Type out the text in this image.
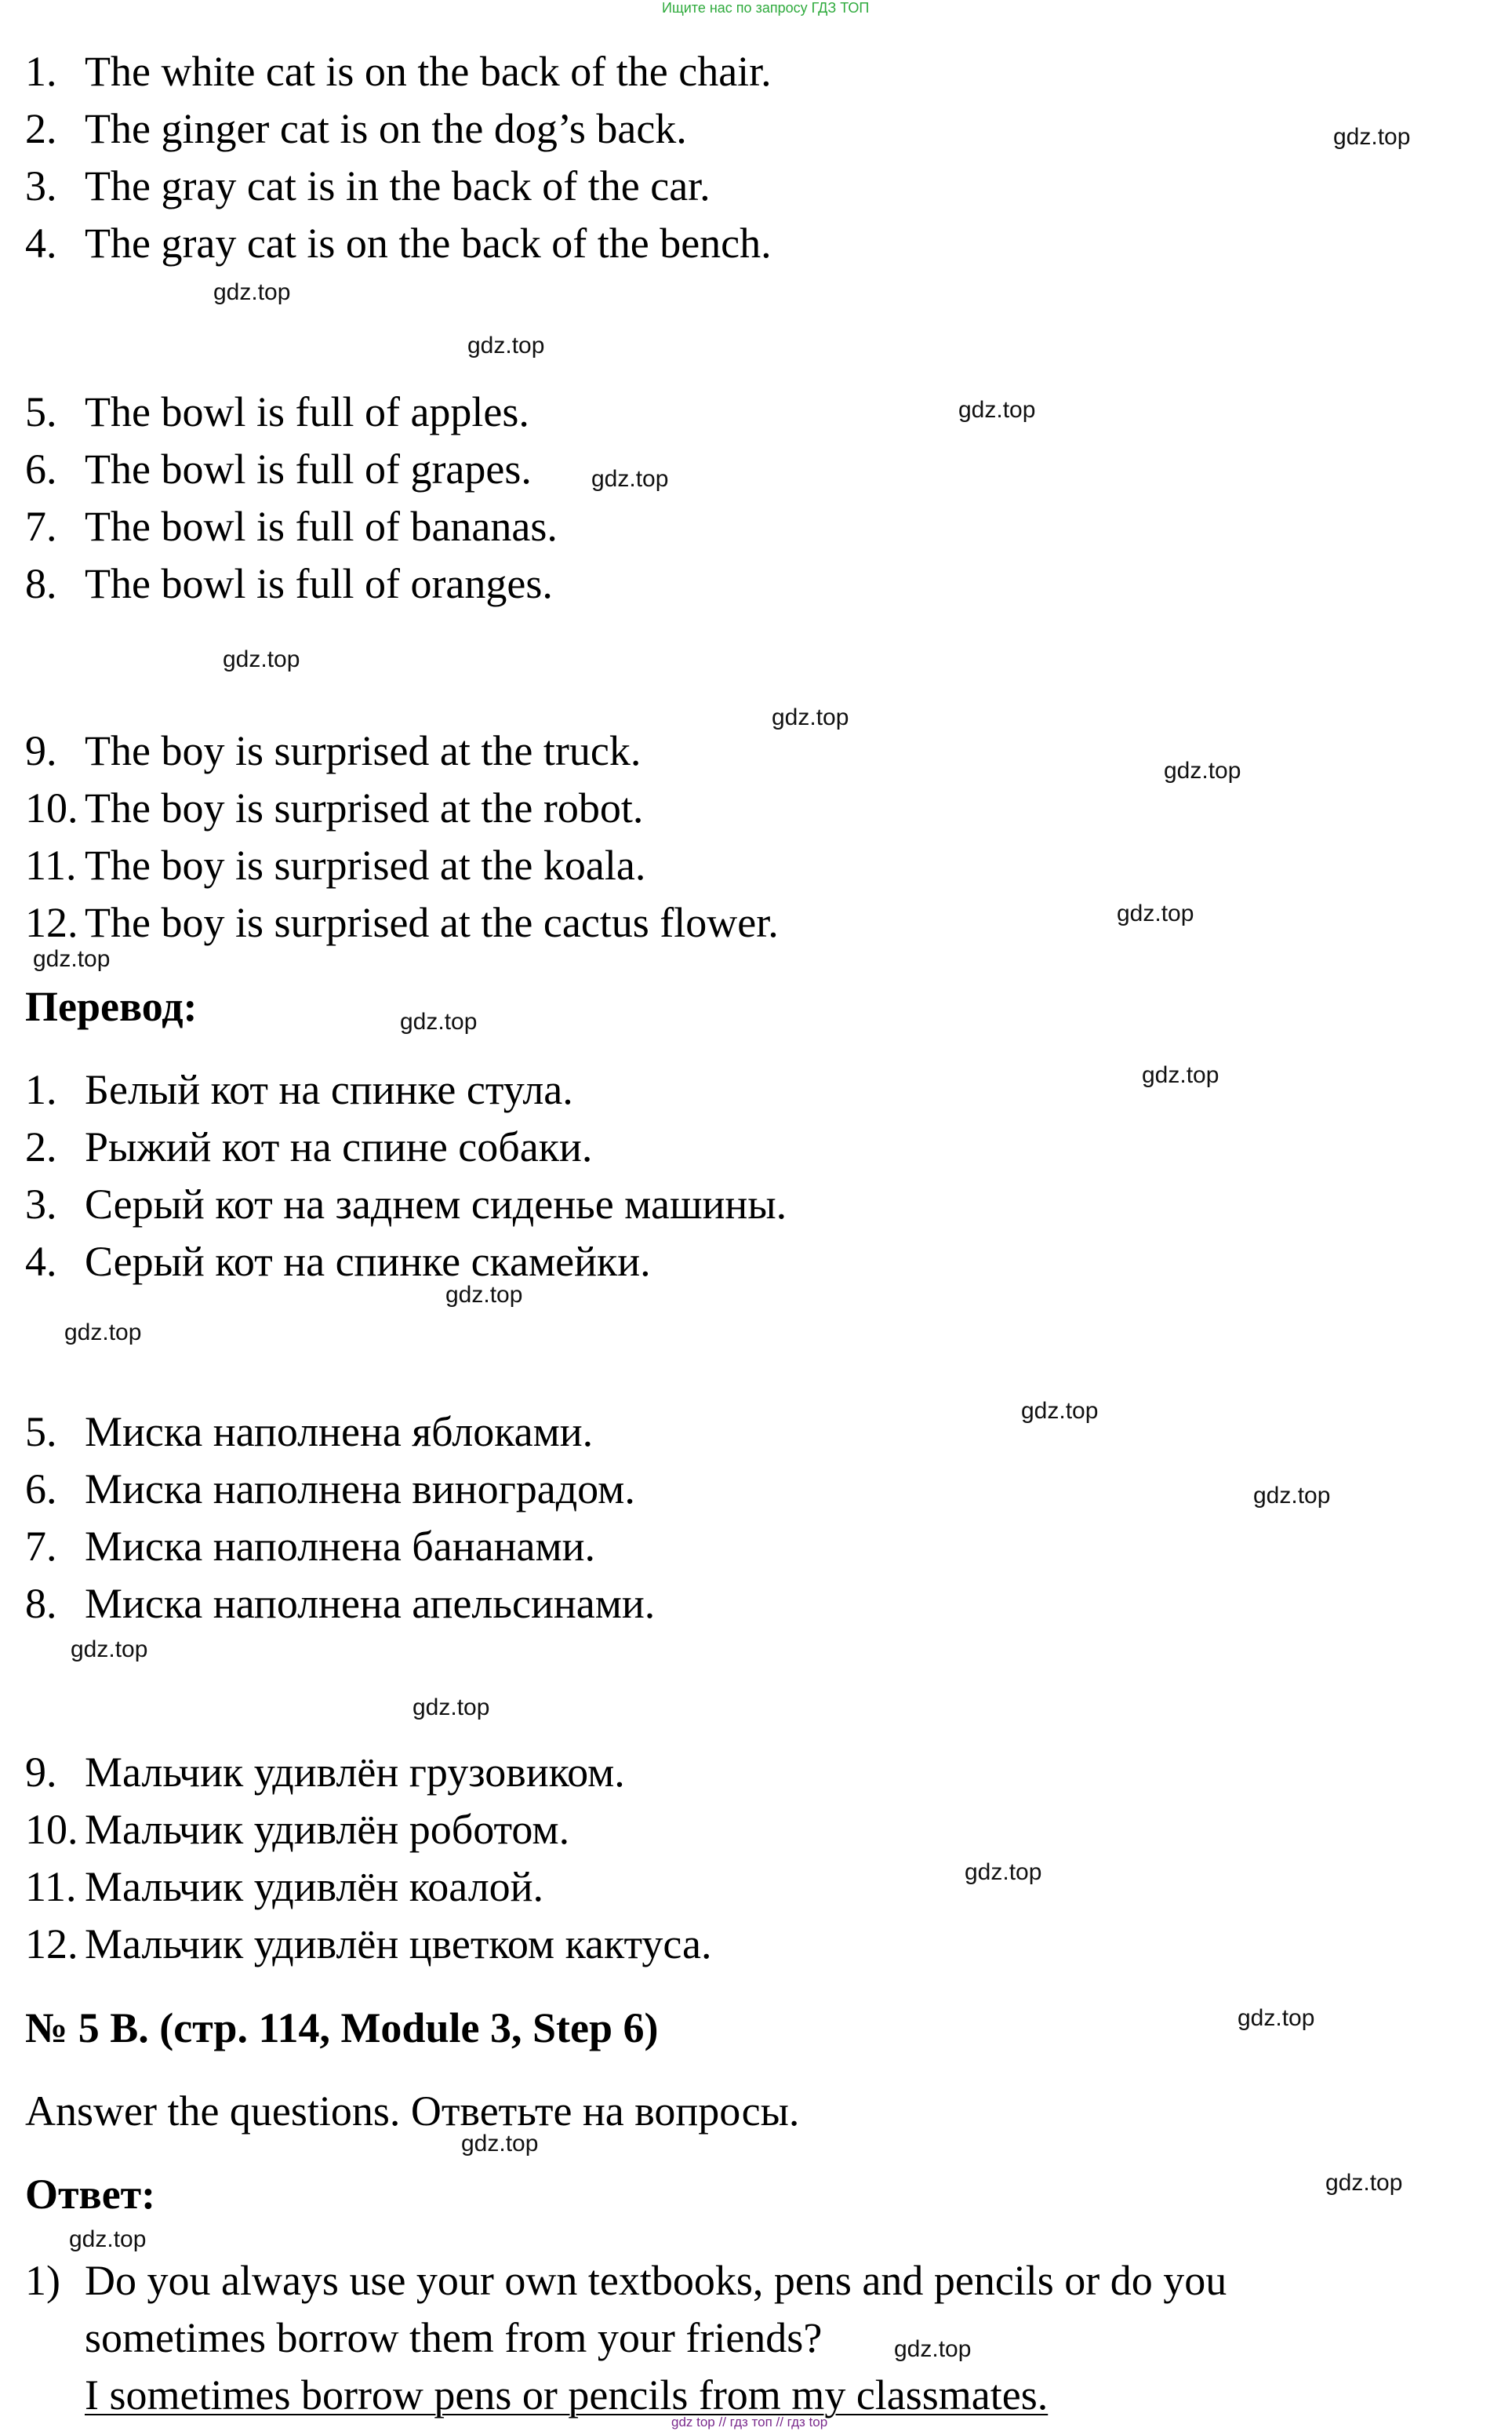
Ищите нас по запросу ГДЗ ТОП
1. The white cat is on the back of the chair.
2. The ginger cat is on the dog’s back.
3. The gray cat is in the back of the car.
4. The gray cat is on the back of the bench.
5. The bowl is full of apples.
6. The bowl is full of grapes.
7. The bowl is full of bananas.
8. The bowl is full of oranges.
9. The boy is surprised at the truck.
10. The boy is surprised at the robot.
11. The boy is surprised at the koala.
12. The boy is surprised at the cactus flower.
Перевод:
1. Белый кот на спинке стула.
2. Рыжий кот на спине собаки.
3. Серый кот на заднем сиденье машины.
4. Серый кот на спинке скамейки.
5. Миска наполнена яблоками.
6. Миска наполнена виноградом.
7. Миска наполнена бананами.
8. Миска наполнена апельсинами.
9. Мальчик удивлён грузовиком.
10. Мальчик удивлён роботом.
11. Мальчик удивлён коалой.
12. Мальчик удивлён цветком кактуса.
№ 5 B. (стр. 114, Module 3, Step 6)
Answer the questions. Ответьте на вопросы.
Ответ:
1) Do you always use your own textbooks, pens and pencils or do you
sometimes borrow them from your friends?
I sometimes borrow pens or pencils from my classmates.
gdz.top
gdz.top
gdz.top
gdz.top
gdz.top
gdz.top
gdz.top
gdz.top
gdz.top
gdz.top
gdz.top
gdz.top
gdz.top
gdz.top
gdz.top
gdz.top
gdz.top
gdz.top
gdz.top
gdz.top
gdz.top
gdz.top
gdz.top
gdz.top
gdz top // гдз топ // гдз top
